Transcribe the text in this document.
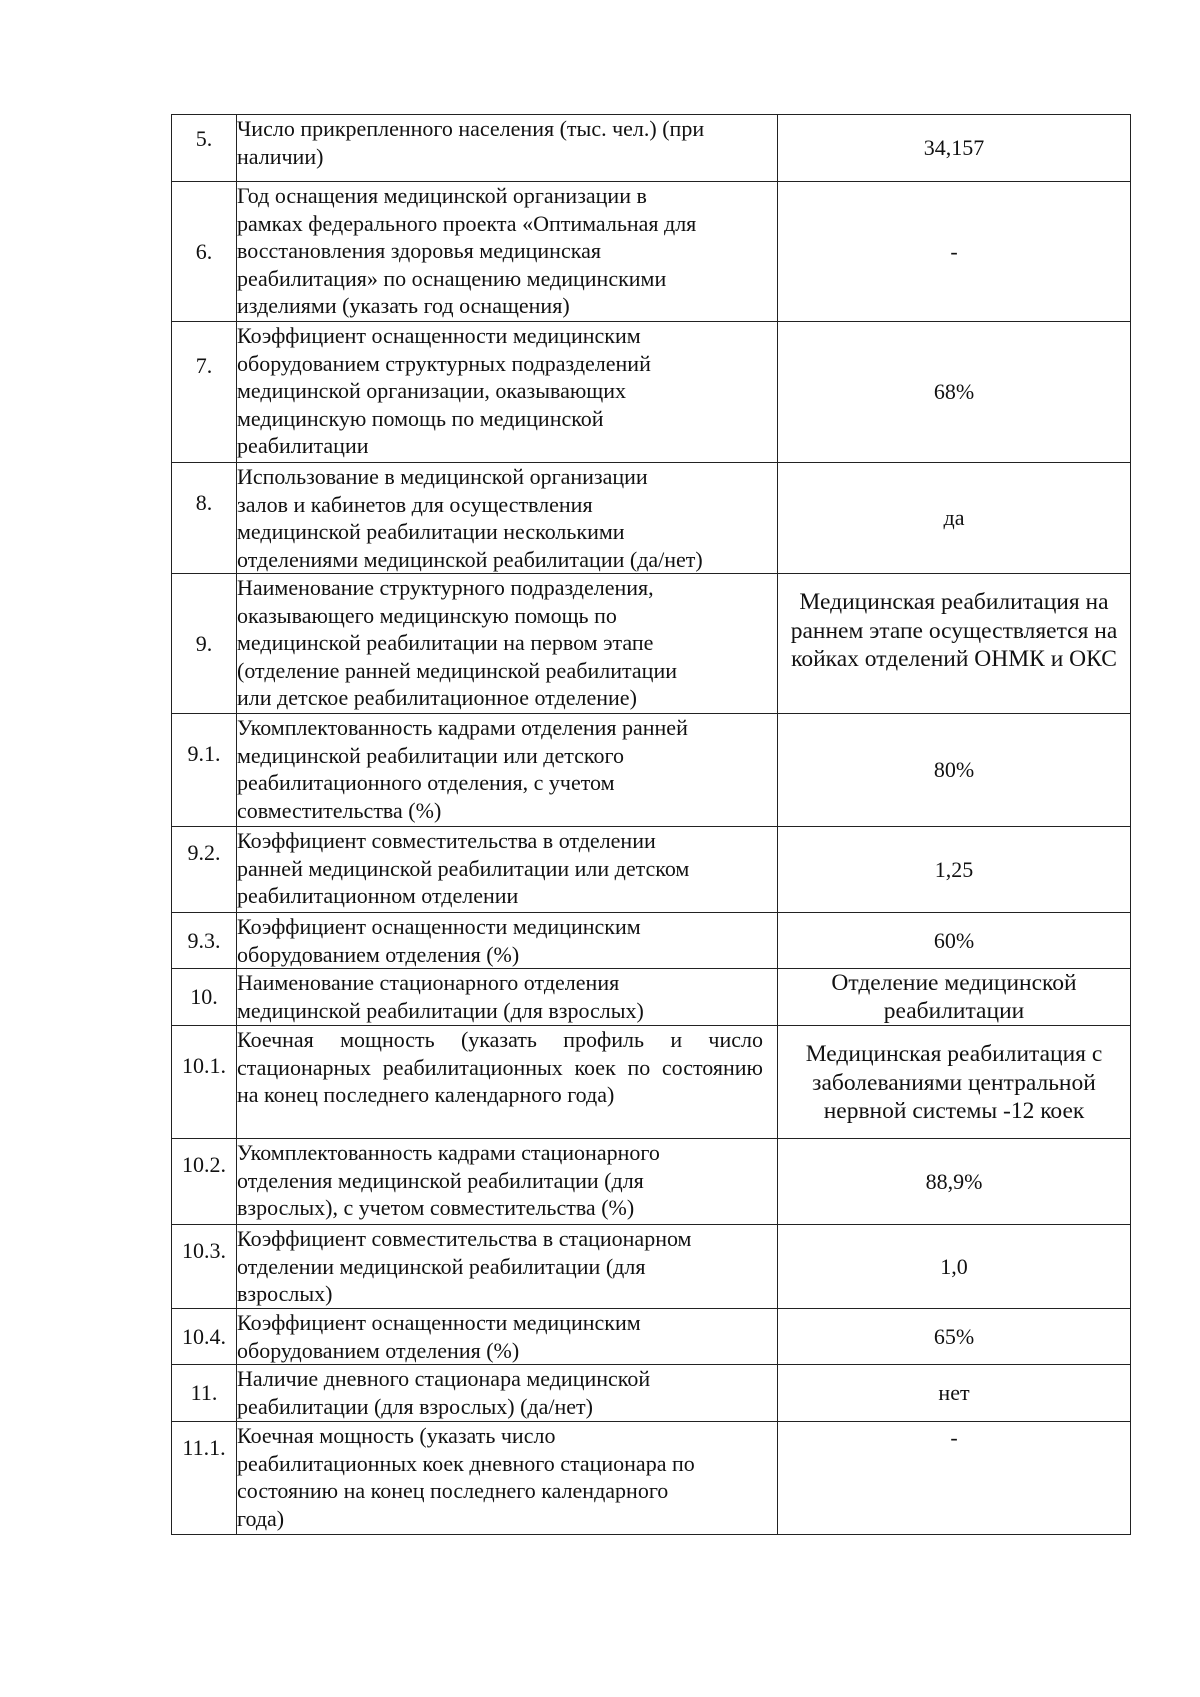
5.	Число прикрепленного населения (тыс. чел.) (при
наличии)	34,157
6.	Год оснащения медицинской организации в
рамках федерального проекта «Оптимальная для
восстановления здоровья медицинская
реабилитация» по оснащению медицинскими
изделиями (указать год оснащения)	-
7.	Коэффициент оснащенности медицинским
оборудованием структурных подразделений
медицинской организации, оказывающих
медицинскую помощь по медицинской
реабилитации	68%
8.	Использование в медицинской организации
залов и кабинетов для осуществления
медицинской реабилитации несколькими
отделениями медицинской реабилитации (да/нет)	да
9.	Наименование структурного подразделения,
оказывающего медицинскую помощь по
медицинской реабилитации на первом этапе
(отделение ранней медицинской реабилитации
или детское реабилитационное отделение)	Медицинская реабилитация на
раннем этапе осуществляется на
койках отделений ОНМК и ОКС

9.1.	Укомплектованность кадрами отделения ранней
медицинской реабилитации или детского
реабилитационного отделения, с учетом
совместительства (%)	80%
9.2.	Коэффициент совместительства в отделении
ранней медицинской реабилитации или детском
реабилитационном отделении	1,25
9.3.	Коэффициент оснащенности медицинским
оборудованием отделения (%)	60%
10.	Наименование стационарного отделения
медицинской реабилитации (для взрослых)	Отделение медицинской
реабилитации

10.1.	Коечная мощность (указать профиль и число стационарных реабилитационных коек по состоянию на конец последнего календарного года)	Медицинская реабилитация с
заболеваниями центральной
нервной системы -12 коек

10.2.	Укомплектованность кадрами стационарного
отделения медицинской реабилитации (для
взрослых), с учетом совместительства (%)	88,9%
10.3.	Коэффициент совместительства в стационарном
отделении медицинской реабилитации (для
взрослых)	1,0
10.4.	Коэффициент оснащенности медицинским
оборудованием отделения (%)	65%
11.	Наличие дневного стационара медицинской
реабилитации (для взрослых) (да/нет)	нет
11.1.	Коечная мощность (указать число
реабилитационных коек дневного стационара по
состоянию на конец последнего календарного
года)	-
